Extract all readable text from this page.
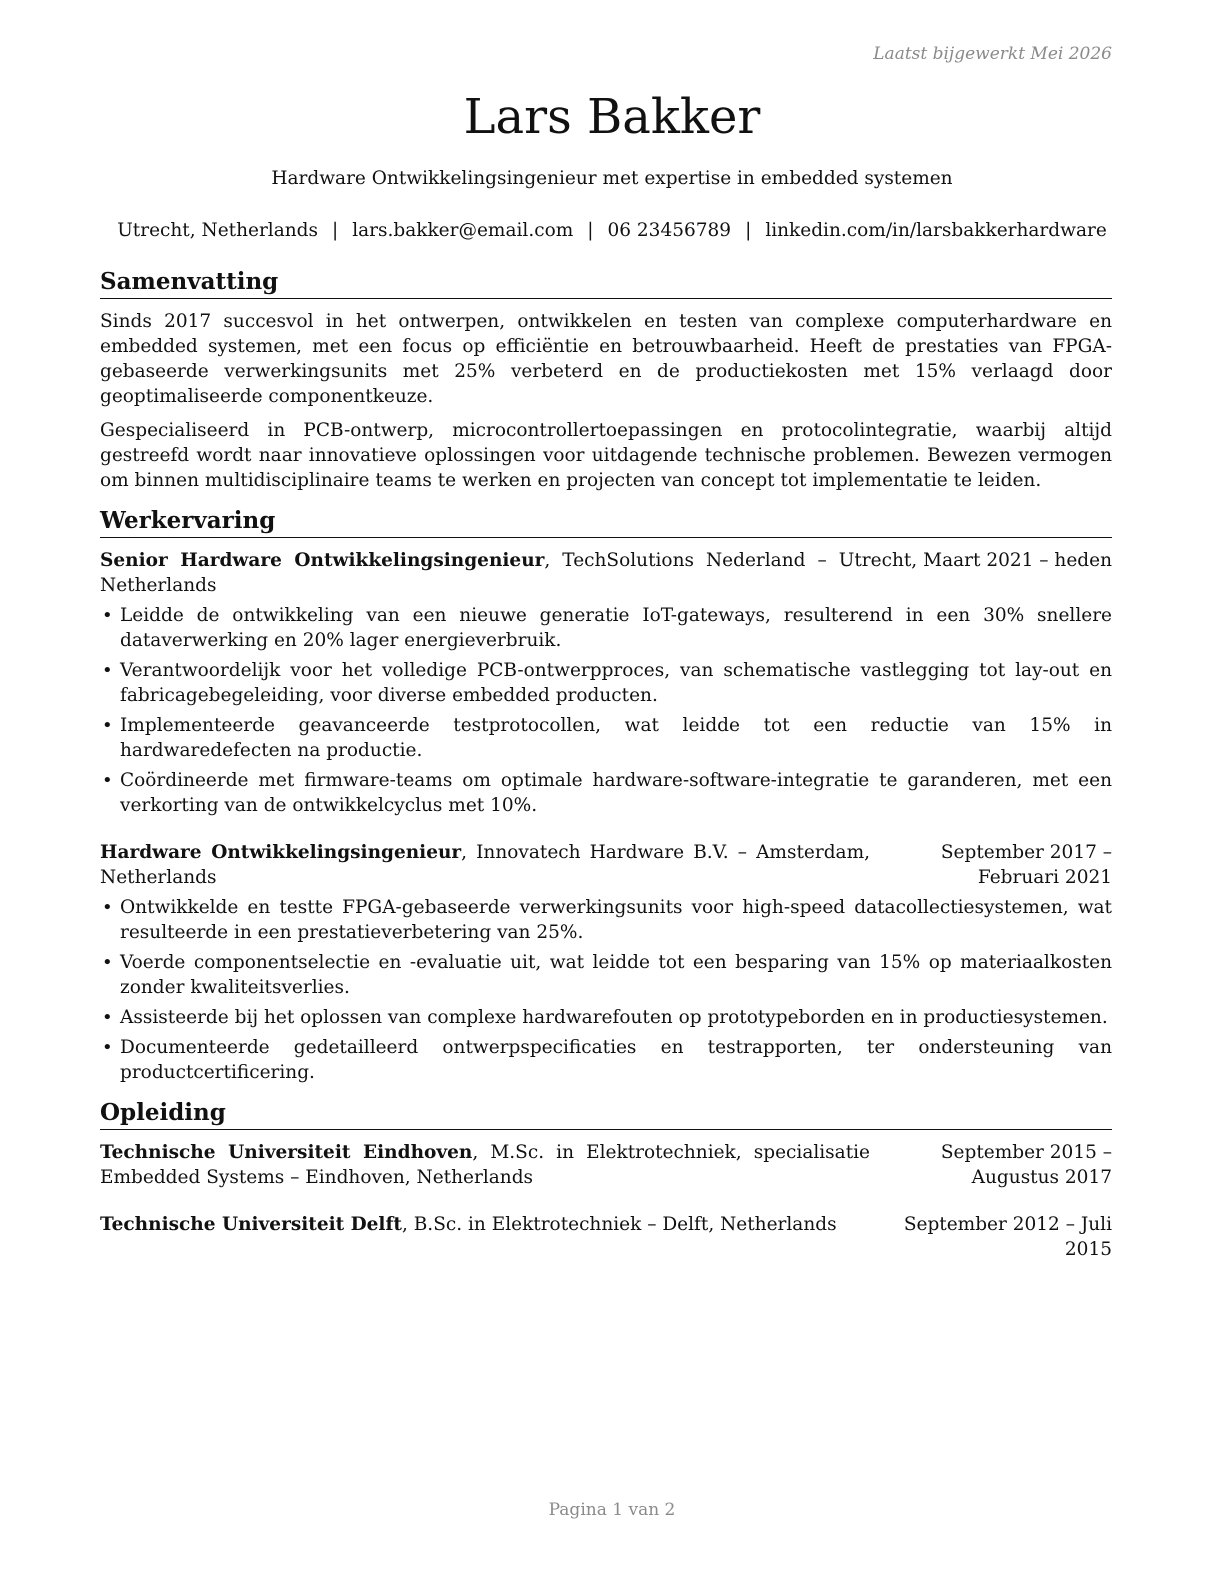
Laatst bijgewerkt Mei 2026
Lars Bakker
Hardware Ontwikkelingsingenieur met expertise in embedded systemen
Utrecht, Netherlands | lars.bakker@email.com | 06 23456789 | linkedin.com/in/larsbakkerhardware
Samenvatting

Sinds 2017 succesvol in het ontwerpen, ontwikkelen en testen van complexe computerhardware en embedded systemen, met een focus op efficiëntie en betrouwbaarheid. Heeft de prestaties van FPGA-gebaseerde verwerkingsunits met 25% verbeterd en de productiekosten met 15% verlaagd door geoptimaliseerde componentkeuze.

Gespecialiseerd in PCB-ontwerp, microcontrollertoepassingen en protocolintegratie, waarbij altijd gestreefd wordt naar innovatieve oplossingen voor uitdagende technische problemen. Bewezen vermogen om binnen multidisciplinaire teams te werken en projecten van concept tot implementatie te leiden.

Werkervaring
Senior Hardware Ontwikkelingsingenieur, TechSolutions Nederland – Utrecht, Netherlands
Maart 2021 – heden
• Leidde de ontwikkeling van een nieuwe generatie IoT-gateways, resulterend in een 30% snellere dataverwerking en 20% lager energieverbruik.
• Verantwoordelijk voor het volledige PCB-ontwerpproces, van schematische vastlegging tot lay-out en fabricagebegeleiding, voor diverse embedded producten.
• Implementeerde geavanceerde testprotocollen, wat leidde tot een reductie van 15% in hardwaredefecten na productie.
• Coördineerde met firmware-teams om optimale hardware-software-integratie te garanderen, met een verkorting van de ontwikkelcyclus met 10%.
Hardware Ontwikkelingsingenieur, Innovatech Hardware B.V. – Amsterdam, Netherlands
September 2017 – Februari 2021
• Ontwikkelde en testte FPGA-gebaseerde verwerkingsunits voor high-speed datacollectiesystemen, wat resulteerde in een prestatieverbetering van 25%.
• Voerde componentselectie en -evaluatie uit, wat leidde tot een besparing van 15% op materiaalkosten zonder kwaliteitsverlies.
• Assisteerde bij het oplossen van complexe hardwarefouten op prototypeborden en in productiesystemen.
• Documenteerde gedetailleerd ontwerpspecificaties en testrapporten, ter ondersteuning van productcertificering.
Opleiding
Technische Universiteit Eindhoven, M.Sc. in Elektrotechniek, specialisatie Embedded Systems – Eindhoven, Netherlands
September 2015 – Augustus 2017
Technische Universiteit Delft, B.Sc. in Elektrotechniek – Delft, Netherlands	September 2012 – Juli 2015
Pagina 1 van 2
